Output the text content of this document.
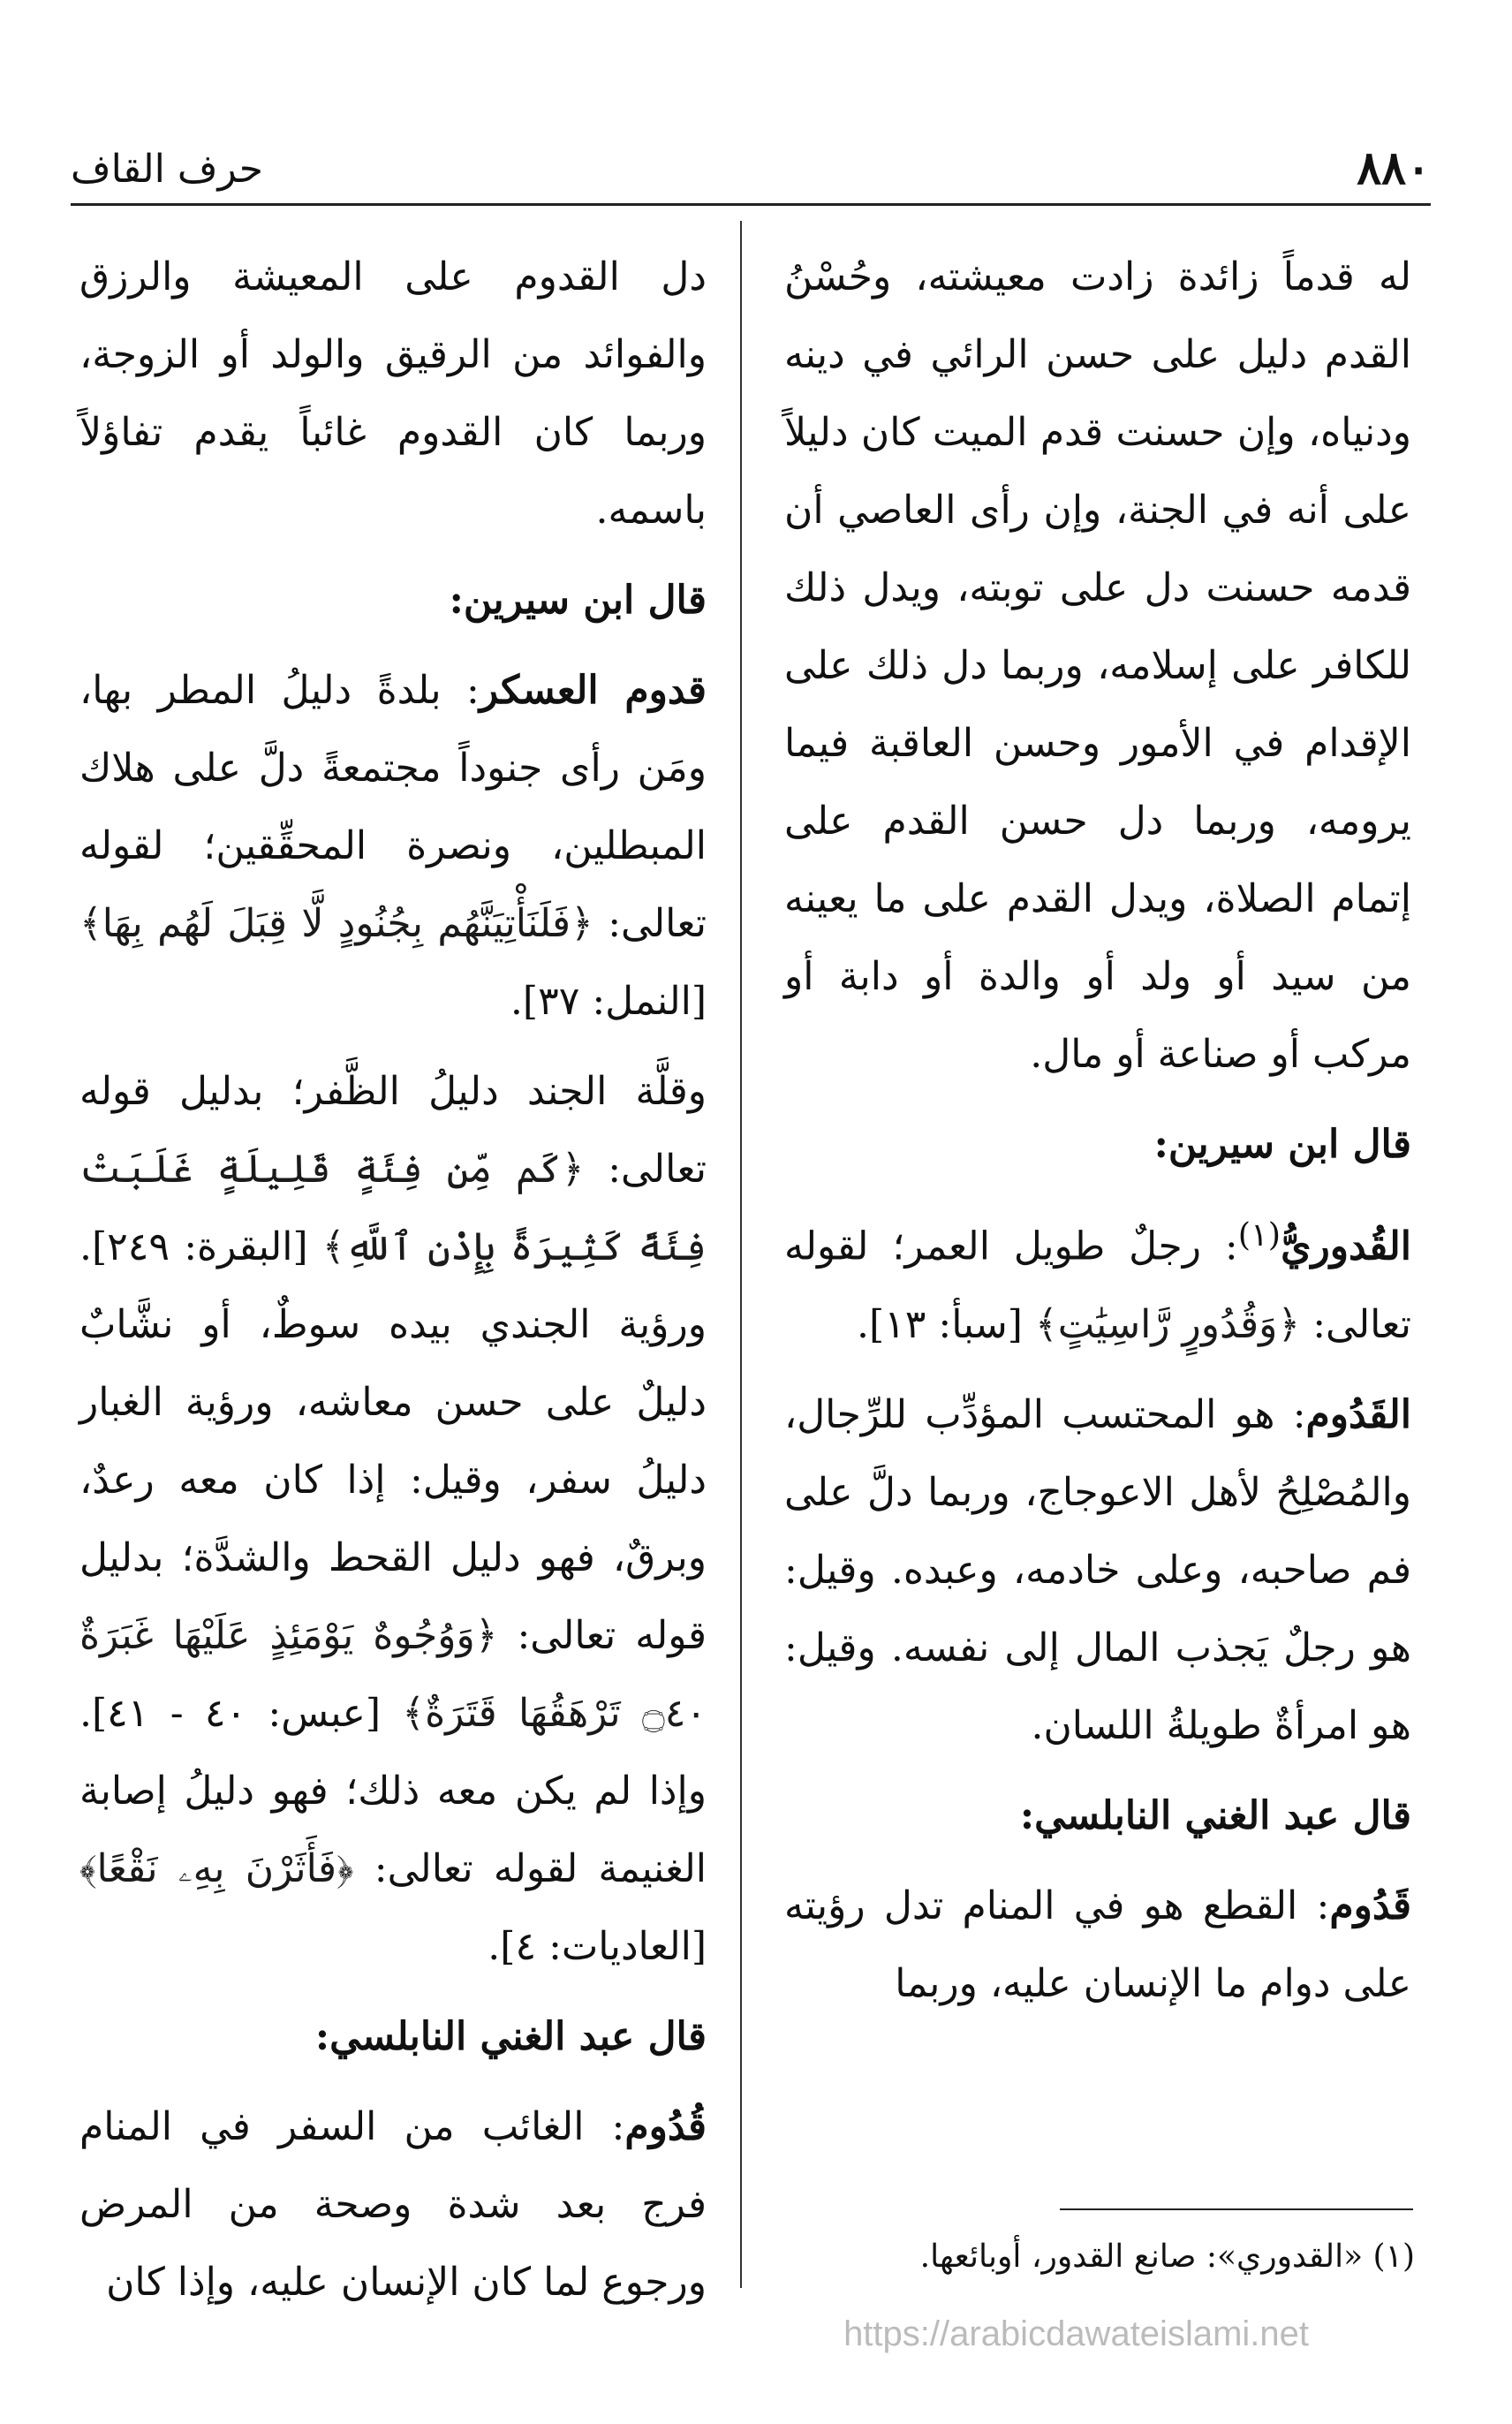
حرف القاف	٨٨٠

له قدماً زائدة زادت معيشته، وحُسْنُ القدم دليل على حسن الرائي في دينه ودنياه، وإن حسنت قدم الميت كان دليلاً على أنه في الجنة، وإن رأى العاصي أن قدمه حسنت دل على توبته، ويدل ذلك للكافر على إسلامه، وربما دل ذلك على الإقدام في الأمور وحسن العاقبة فيما يرومه، وربما دل حسن القدم على إتمام الصلاة، ويدل القدم على ما يعينه من سيد أو ولد أو والدة أو دابة أو مركب أو صناعة أو مال.

قال ابن سيرين:

القُدوريُّ$^{(١)}$: رجلٌ طويل العمر؛ لقوله تعالى: ﴿وَقُدُورٍ رَّاسِيَٰتٍ﴾ [سبأ: ١٣].

القَدُوم: هو المحتسب المؤدِّب للرِّجال، والمُصْلِحُ لأهل الاعوجاج، وربما دلَّ على فم صاحبه، وعلى خادمه، وعبده. وقيل: هو رجلٌ يَجذب المال إلى نفسه. وقيل: هو امرأةٌ طويلةُ اللسان.

قال عبد الغني النابلسي:

قَدُوم: القطع هو في المنام تدل رؤيته على دوام ما الإنسان عليه، وربما

دل القدوم على المعيشة والرزق والفوائد من الرقيق والولد أو الزوجة، وربما كان القدوم غائباً يقدم تفاؤلاً باسمه.

قال ابن سيرين:

قدوم العسكر: بلدةً دليلُ المطر بها، ومَن رأى جنوداً مجتمعةً دلَّ على هلاك المبطلين، ونصرة المحقِّقين؛ لقوله تعالى: ﴿فَلَنَأْتِيَنَّهُم بِجُنُودٍ لَّا قِبَلَ لَهُم بِهَا﴾ [النمل: ٣٧].

وقلَّة الجند دليلُ الظَّفر؛ بدليل قوله تعالى: ﴿كَم مِّن فِئَةٍ قَلِيلَةٍ غَلَبَتْ فِئَةً كَثِيرَةً بِإِذْنِ ٱللَّهِ﴾ [البقرة: ٢٤٩]. ورؤية الجندي بيده سوطٌ، أو نشَّابٌ دليلٌ على حسن معاشه، ورؤية الغبار دليلُ سفر، وقيل: إذا كان معه رعدٌ، وبرقٌ، فهو دليل القحط والشدَّة؛ بدليل قوله تعالى: ﴿وَوُجُوهٌ يَوْمَئِذٍ عَلَيْهَا غَبَرَةٌ ۝٤٠ تَرْهَقُهَا قَتَرَةٌ﴾ [عبس: ٤٠ - ٤١]. وإذا لم يكن معه ذلك؛ فهو دليلُ إصابة الغنيمة لقوله تعالى: ﴿فَأَثَرْنَ بِهِۦ نَقْعًا﴾ [العاديات: ٤].

قال عبد الغني النابلسي:

قُدُوم: الغائب من السفر في المنام فرج بعد شدة وصحة من المرض ورجوع لما كان الإنسان عليه، وإذا كان

(١) «القدوري»: صانع القدور، أوبائعها.
https://arabicdawateislami.net
